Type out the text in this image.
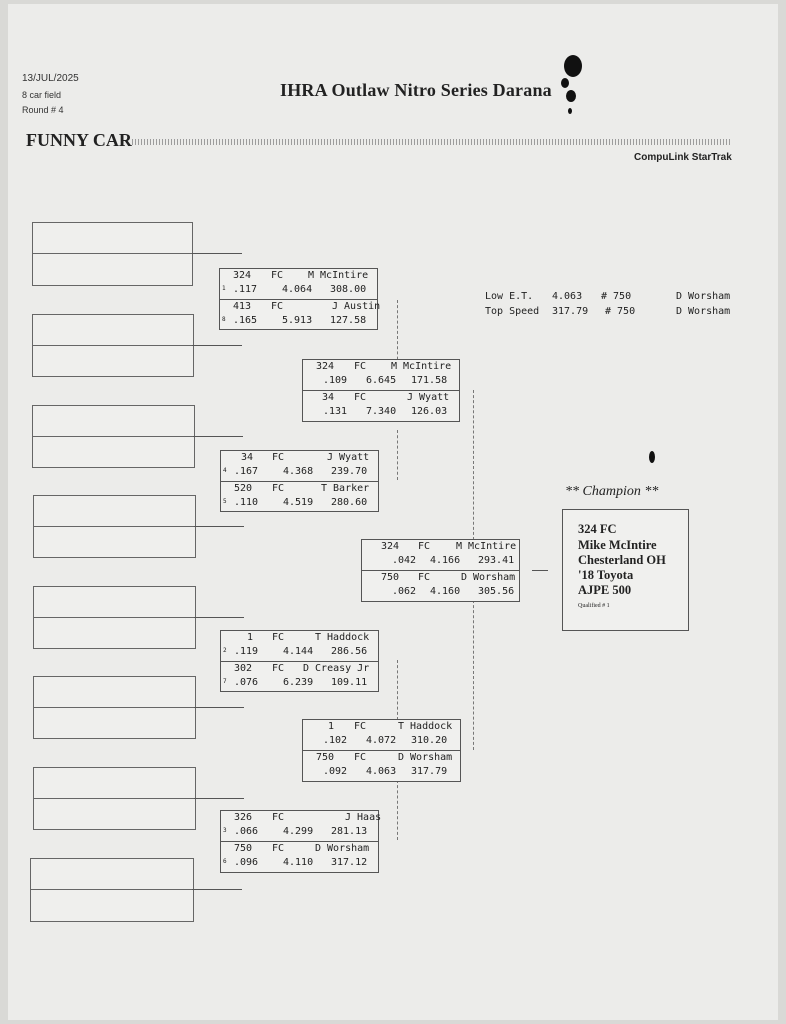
13/JUL/2025
8 car field
Round # 4
IHRA Outlaw Nitro Series Darana
FUNNY CAR
CompuLink StarTrak
Low E.T. 4.063 # 750	D Worsham
Top Speed 317.79 # 750	D Worsham
324 FC M McIntire
1 .117 4.064 308.00
413 FC	J Austin
8 .165 5.913 127.58
34 FC	J Wyatt
4 .167 4.368 239.70
520 FC	T Barker
5 .110 4.519 280.60
1 FC	T Haddock
2 .119 4.144 286.56
302 FC D Creasy Jr
7 .076 6.239 109.11
326 FC	J Haas
3 .066 4.299 281.13
750 FC	D Worsham
6 .096 4.110 317.12
324 FC M McIntire
.109 6.645 171.58
34 FC	J Wyatt
.131 7.340 126.03
1 FC	T Haddock
.102 4.072 310.20
750 FC	D Worsham
.092 4.063 317.79
324 FC	M McIntire
.042 4.166 293.41
750 FC	D Worsham
.062 4.160 305.56
** Champion **
324 FC
Mike McIntire
Chesterland OH
'18 Toyota
AJPE 500
Qualified # 1
